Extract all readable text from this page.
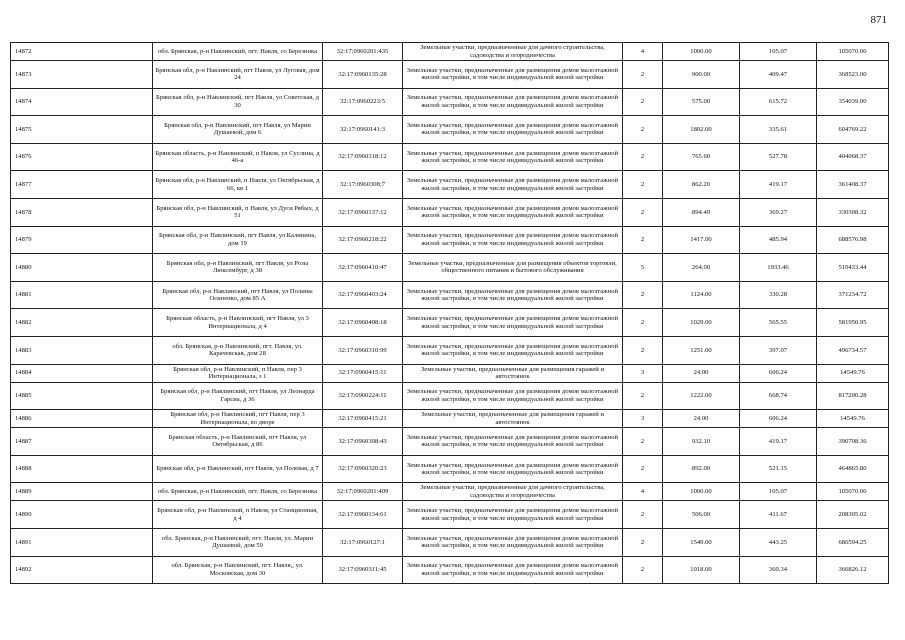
871
14872	обл. Брянская, р-н Навлинский, пгт. Навля, сo Березинка	32:17:0960201:435	Земельные участки, предназначенные для дачного строительства, садоводства и огородничества	4	1000.00	105.07	105070.00
14873	Брянская обл, р-н Навлинский, пгт Навля, ул Луговая, дом 24	32:17:0960135:28	Земельные участки, предназначенные для размещения домов малоэтажной жилой застройки, в том числе индивидуальной жилой застройки	2	900.00	409.47	368523.00
14874	Брянская обл, р-н Навлинский, пгт Навля, ул Советская, д 30	32:17:0960223:5	Земельные участки, предназначенные для размещения домов малоэтажной жилой застройки, в том числе индивидуальной жилой застройки	2	575.00	615.72	354039.00
14875	Брянская обл, р-н Навлинский, пгт Навля, ул Марии Душаевой, дом 6	32:17:0960141:3	Земельные участки, предназначенные для размещения домов малоэтажной жилой застройки, в том числе индивидуальной жилой застройки	2	1802.00	335.61	604769.22
14876	Брянская область, р-н Навлинский, п Навля, ул Суслина, д 46-а	32:17:0960318:12	Земельные участки, предназначенные для размещения домов малоэтажной жилой застройки, в том числе индивидуальной жилой застройки	2	765.60	527.78	404068.37
14877	Брянская обл, р-н Навлинский, п Навля, ул Октябрьская, д 66, кв 1	32:17:0960308:7	Земельные участки, предназначенные для размещения домов малоэтажной жилой застройки, в том числе индивидуальной жилой застройки	2	862.20	419.17	361408.37
14878	Брянская обл, р-н Навлинский, п Навля, ул Дуси Рябых, д 51	32:17:0960137:12	Земельные участки, предназначенные для размещения домов малоэтажной жилой застройки, в том числе индивидуальной жилой застройки	2	894.49	369.27	330308.32
14879	Брянская обл, р-н Навлинский, пгт Навля, ул Калинина, дом 19	32:17:0960218:22	Земельные участки, предназначенные для размещения домов малоэтажной жилой застройки, в том числе индивидуальной жилой застройки	2	1417.00	485.94	688576.98
14880	Брянская обл, р-н Навлинский, пгт Навля, ул Розы Люксембург, д 38	32:17:0960410:47	Земельные участки, предназначенные для размещения объектов торговли, общественного питания и бытового обслуживания	5	264.00	1933.46	510433.44
14881	Брянская обл, р-н Навлинский, пгт Навля, ул Полины Осипенко, дом 85 А	32:17:0960403:24	Земельные участки, предназначенные для размещения домов малоэтажной жилой застройки, в том числе индивидуальной жилой застройки	2	1124.00	330.28	371234.72
14882	Брянская область, р-н Навлинский, пгт Навля, ул 3 Интернационала, д 4	32:17:0960408:18	Земельные участки, предназначенные для размещения домов малоэтажной жилой застройки, в том числе индивидуальной жилой застройки	2	1029.00	565.55	581950.95
14883	обл. Брянская, р-н Навлинский, пгт. Навля, ул. Карачевская, дом 28	32:17:0960310:99	Земельные участки, предназначенные для размещения домов малоэтажной жилой застройки, в том числе индивидуальной жилой застройки	2	1251.00	397.07	496734.57
14884	Брянская обл, р-н Навлинский, п Навля, пер 3 Интернационала, з 1	32:17:0960415:11	Земельные участки, предназначенные для размещения гаражей и автостоянок	3	24.00	606.24	14549.76
14885	Брянская обл, р-н Навлинский, пгт Навля, ул Леонарда Гарсиа, д 36	32:17:0960224:11	Земельные участки, предназначенные для размещения домов малоэтажной жилой застройки, в том числе индивидуальной жилой застройки	2	1222.00	668.74	817200.28
14886	Брянская обл, р-н Навлинский, пгт Навля, пер 3 Интернационала, во дворе	32:17:0960415:21	Земельные участки, предназначенные для размещения гаражей и автостоянок	3	24.00	606.24	14549.76
14887	Брянская область, р-н Навлинский, пгт Навля, ул Октябрьская, д 86	32:17:0960308:43	Земельные участки, предназначенные для размещения домов малоэтажной жилой застройки, в том числе индивидуальной жилой застройки	2	932.10	419.17	390708.36
14888	Брянская обл, р-н Навлинский, пгт Навля, ул Полевая, д 7	32:17:0960320:23	Земельные участки, предназначенные для размещения домов малоэтажной жилой застройки, в том числе индивидуальной жилой застройки	2	892.00	521.15	464865.80
14889	обл. Брянская, р-н Навлинский, пгт. Навля, сo Березинка	32:17:0960201:409	Земельные участки, предназначенные для дачного строительства, садоводства и огородничества	4	1000.00	105.07	105070.00
14890	Брянская обл, р-н Навлинский, п Навля, ул Станционная, д 4	32:17:0960134:61	Земельные участки, предназначенные для размещения домов малоэтажной жилой застройки, в том числе индивидуальной жилой застройки	2	506.00	411.67	208305.02
14891	обл. Брянская, р-н Навлинский, пгт. Навля, ул. Марии Душаевой, дом 59	32:17:0960127:1	Земельные участки, предназначенные для размещения домов малоэтажной жилой застройки, в том числе индивидуальной жилой застройки	2	1549.00	443.25	686594.25
14892	обл. Брянская, р-н Навлинский, пгт. Навля,, ул. Московская, дом 30	32:17:0960311:45	Земельные участки, предназначенные для размещения домов малоэтажной жилой застройки, в том числе индивидуальной жилой застройки	2	1018.00	360.34	366826.12
